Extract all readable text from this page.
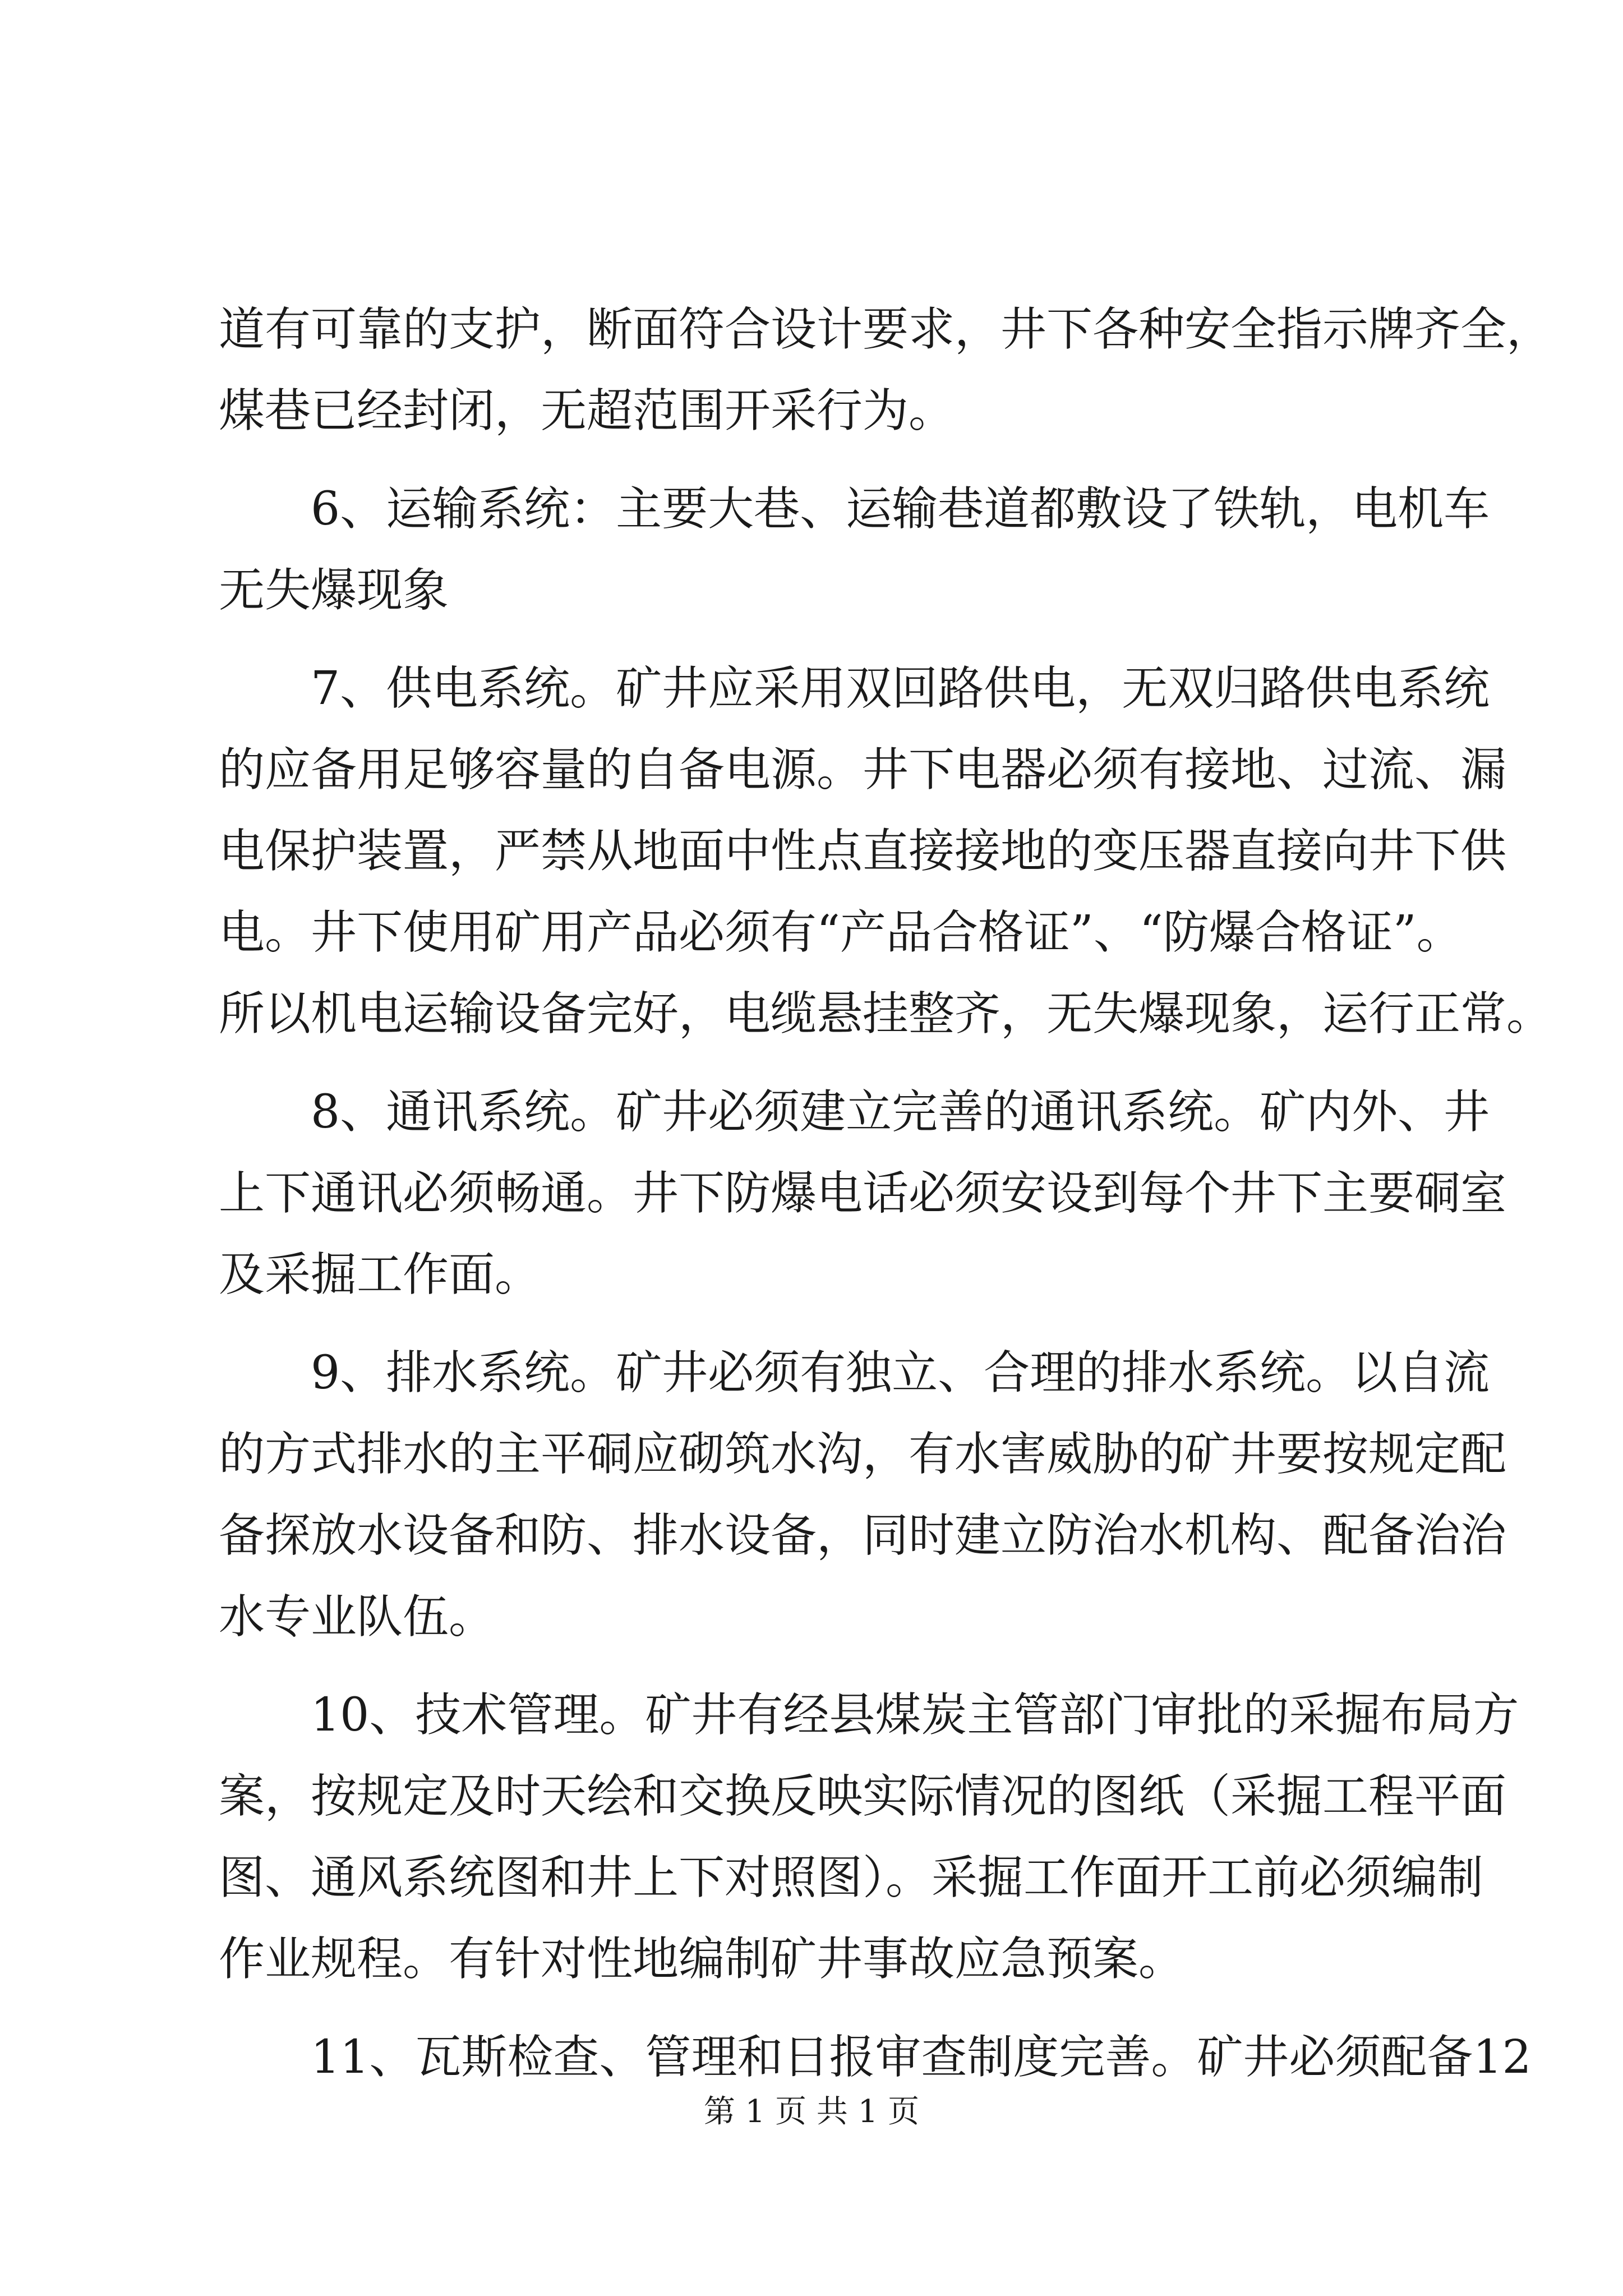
道有可靠的支护，断面符合设计要求，井下各种安全指示牌齐全，
煤巷已经封闭，无超范围开采行为。
　　6、运输系统：主要大巷、运输巷道都敷设了铁轨，电机车
无失爆现象
　　7、供电系统。矿井应采用双回路供电，无双归路供电系统
的应备用足够容量的自备电源。井下电器必须有接地、过流、漏
电保护装置，严禁从地面中性点直接接地的变压器直接向井下供
电。井下使用矿用产品必须有“产品合格证”、“防爆合格证”。
所以机电运输设备完好，电缆悬挂整齐，无失爆现象，运行正常。
　　8、通讯系统。矿井必须建立完善的通讯系统。矿内外、井
上下通讯必须畅通。井下防爆电话必须安设到每个井下主要硐室
及采掘工作面。
　　9、排水系统。矿井必须有独立、合理的排水系统。以自流
的方式排水的主平硐应砌筑水沟，有水害威胁的矿井要按规定配
备探放水设备和防、排水设备，同时建立防治水机构、配备治治
水专业队伍。
　　10、技术管理。矿井有经县煤炭主管部门审批的采掘布局方
案，按规定及时天绘和交换反映实际情况的图纸（采掘工程平面
图、通风系统图和井上下对照图）。采掘工作面开工前必须编制
作业规程。有针对性地编制矿井事故应急预案。
　　11、瓦斯检查、管理和日报审查制度完善。矿井必须配备12
第 1 页 共 1 页
